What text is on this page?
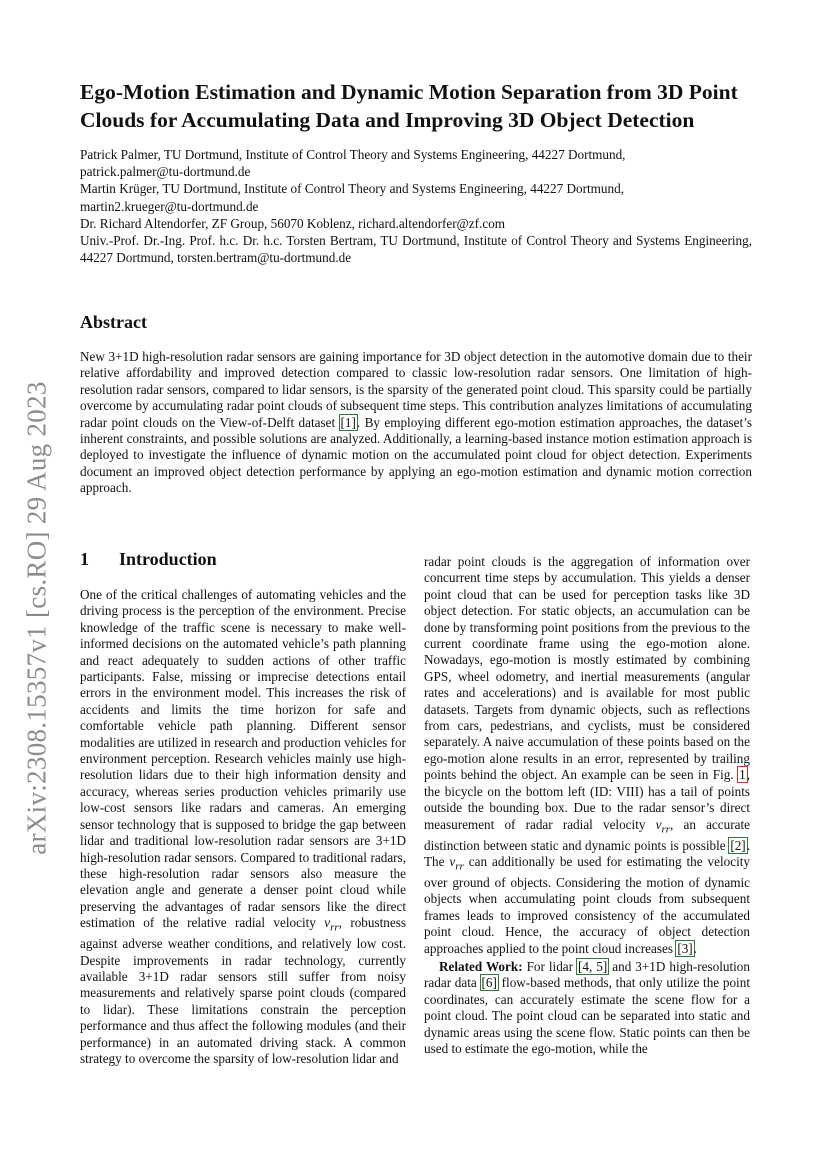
arXiv:2308.15357v1 [cs.RO] 29 Aug 2023
Ego-Motion Estimation and Dynamic Motion Separation from 3D Point Clouds for Accumulating Data and Improving 3D Object Detection

Patrick Palmer, TU Dortmund, Institute of Control Theory and Systems Engineering, 44227 Dortmund,

patrick.palmer@tu-dortmund.de

Martin Krüger, TU Dortmund, Institute of Control Theory and Systems Engineering, 44227 Dortmund,

martin2.krueger@tu-dortmund.de

Dr. Richard Altendorfer, ZF Group, 56070 Koblenz, richard.altendorfer@zf.com

Univ.-Prof. Dr.-Ing. Prof. h.c. Dr. h.c. Torsten Bertram, TU Dortmund, Institute of Control Theory and Systems Engineering, 44227 Dortmund, torsten.bertram@tu-dortmund.de

Abstract

New 3+1D high-resolution radar sensors are gaining importance for 3D object detection in the automotive domain due to their relative affordability and improved detection compared to classic low-resolution radar sensors. One limitation of high-resolution radar sensors, compared to lidar sensors, is the sparsity of the generated point cloud. This sparsity could be partially overcome by accumulating radar point clouds of subsequent time steps. This contribution analyzes limitations of accumulating radar point clouds on the View-of-Delft dataset [1]. By employing different ego-motion estimation approaches, the dataset’s inherent constraints, and possible solutions are analyzed. Additionally, a learning-based instance motion estimation approach is deployed to investigate the influence of dynamic motion on the accumulated point cloud for object detection. Experiments document an improved object detection performance by applying an ego-motion estimation and dynamic motion correction approach.

1 Introduction

One of the critical challenges of automating vehicles and the driving process is the perception of the environment. Precise knowledge of the traffic scene is necessary to make well-informed decisions on the automated vehicle’s path planning and react adequately to sudden actions of other traffic participants. False, missing or imprecise detections entail errors in the environment model. This increases the risk of accidents and limits the time horizon for safe and comfortable vehicle path planning. Different sensor modalities are utilized in research and production vehicles for environment perception. Research vehicles mainly use high-resolution lidars due to their high information density and accuracy, whereas series production vehicles primarily use low-cost sensors like radars and cameras. An emerging sensor technology that is supposed to bridge the gap between lidar and traditional low-resolution radar sensors are 3+1D high-resolution radar sensors. Compared to traditional radars, these high-resolution radar sensors also measure the elevation angle and generate a denser point cloud while preserving the advantages of radar sensors like the direct estimation of the relative radial velocity $v_{rr}$, robustness against adverse weather conditions, and relatively low cost. Despite improvements in radar technology, currently available 3+1D radar sensors still suffer from noisy measurements and relatively sparse point clouds (compared to lidar). These limitations constrain the perception performance and thus affect the following modules (and their performance) in an automated driving stack. A common strategy to overcome the sparsity of low-resolution lidar and

radar point clouds is the aggregation of information over concurrent time steps by accumulation. This yields a denser point cloud that can be used for perception tasks like 3D object detection. For static objects, an accumulation can be done by transforming point positions from the previous to the current coordinate frame using the ego-motion alone. Nowadays, ego-motion is mostly estimated by combining GPS, wheel odometry, and inertial measurements (angular rates and accelerations) and is available for most public datasets. Targets from dynamic objects, such as reflections from cars, pedestrians, and cyclists, must be considered separately. A naive accumulation of these points based on the ego-motion alone results in an error, represented by trailing points behind the object. An example can be seen in Fig. 1, the bicycle on the bottom left (ID: VIII) has a tail of points outside the bounding box. Due to the radar sensor’s direct measurement of radar radial velocity $v_{rr}$, an accurate distinction between static and dynamic points is possible [2]. The $v_{rr}$ can additionally be used for estimating the velocity over ground of objects. Considering the motion of dynamic objects when accumulating point clouds from subsequent frames leads to improved consistency of the accumulated point cloud. Hence, the accuracy of object detection approaches applied to the point cloud increases [3].

Related Work: For lidar [4, 5] and 3+1D high-resolution radar data [6] flow-based methods, that only utilize the point coordinates, can accurately estimate the scene flow for a point cloud. The point cloud can be separated into static and dynamic areas using the scene flow. Static points can then be used to estimate the ego-motion, while the
